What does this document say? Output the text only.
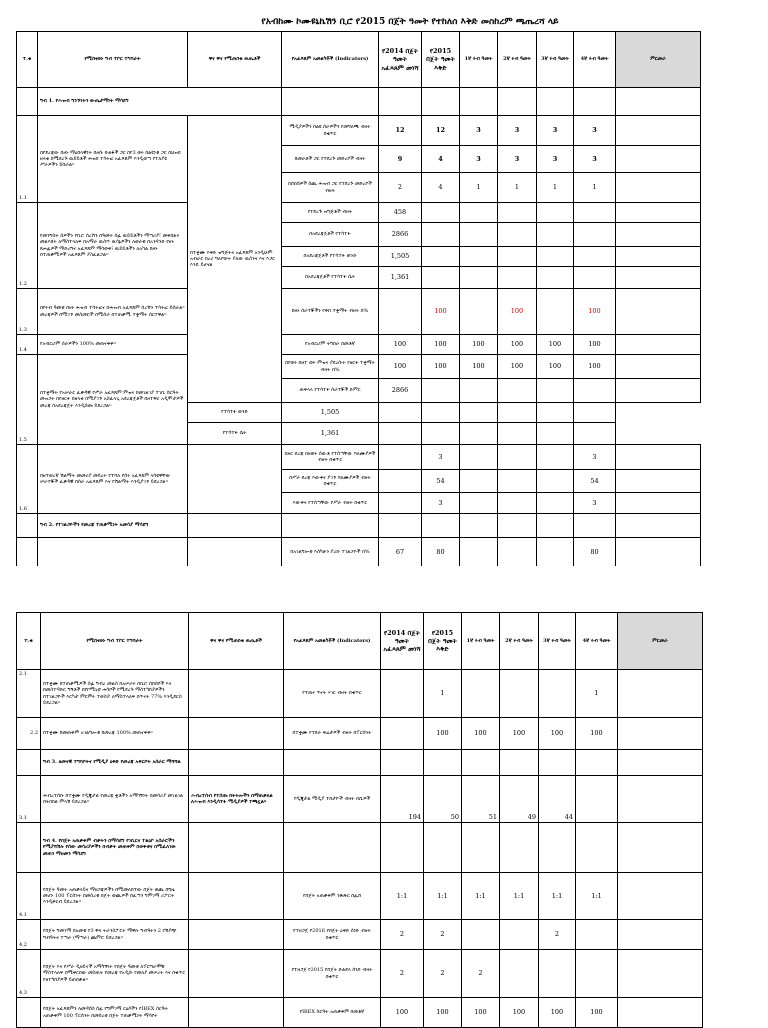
የአብከሙ ኮሙዩኒኬሽን ቢሮ የ2015 በጀት ዓመት የተከለሰ እቅድ መስከረም ጫጤረሻ ላይ
ተ.ቁ	የሚከናወኑ ግብ ተኮር ተግባራት	ዋና ዋና የሚጠበቁ ዉጤቶች	የአፈጻጸም አመልካቾች (Indicators)	የ2014 በጀት ዓመት አፈጻጸም መነሻ	የ2015 በጀት ዓመት እቅድ	1ኛ ሩብ ዓመት	2ኛ ሩብ ዓመት	3ኛ ሩብ ዓመት	4ኛ ሩብ ዓመት	ምርመራ
	ግብ 1. የሕዝብ ግንኙነትን ውጤታማነት ማሳደግ									
1.1	በየደረጃው በዞኑ ማዕከላዊነት በዞሱ ኩልፋች ጋር በየ3 ወሩ ከልዩነቱ ጋር በህዝበ ዘላቂ በሚደረጉ ዉይይቶች ሕዝበ ተሳትፎ አፈጻጸም እንዲወጣ የተለያዩ ሥራዎችን ይሰራል።	በተቋሙ እቅድ ዝግጅትና አፈጻጸም አንዲሁም አብራር በረሪ ግለቦቻት ያለው ዉስንና እና እጋር እንዴ ይሆናል	ሚዲያዎችን በልዩ ሰራዎችን የመግለጫ ብዛት በቁጥር	12	12	3	3	3	3	
			ከመራቶች ጋር የተደረጉ መድረኮች ብዛት	9	4	3	3	3	3	
			ከሰበሰዎች ሰጪ ሕዝብ ጋር የተደረጉ መድረኮች ብዛት	2	4	1	1	1	1	
1.2	የመንግስት ሰዎችን የቢሮ ሰረሽን በዓመት ሰፊ ዉይይቶችን ማጣሪያ፣ መቀበልና መልእክት ለማስተላለፍ በአማራ ዉስጥ ዉሳኔዎችን ለወራቱ በአንዳንድ የዞኑ ጸሐፊዎች ማድረግና አፈጻጸም ማሳወቅ፣ ዉይይቶችን ለአካል ከዞኑ በተጠቃሚዎች አፈጻጸም ያስፈልጋል።		የተደረጉ ዝግጅቶች ብዛት	458						
			በአደረጃጀቶች የተሳተፉ	2866						
			በአደረጃጀቶች የተሳተፉ ወንድ	1,505						
			በአደረጃጀቶች የተሳተፉ ሴት	1,361						
1.3	በየሩብ ዓመቱ በዞኑ ሕዝብ ተሳትፎና በሕዝብ አፈጻጸም ሰረሽን ተሳትፎ ይሰራል። መረጃዎች በሚገኙ መስመሮች በሚሰራ በተጠቃሚ ተቋማት ሰርተዋል።		ከዞኑ ሰራተኞችን የቀበ ተቋማት ብዛት በ%		100		100		100	
1.4	የአብርሆም ሰራዎችን 100% መጠናቀቅ።		የአብርሆም ትግበራ በመቶኛ	100	100	100	100	100	100	
1.5	በተቋማት የአሠራር ፈቃዳዊ የሥራ አፈጻጸም ምዝና በመገልገያ ተገቢ ሰርዓት መዝጋት በየዘርፉ በዘላቂ በሚያገኙ አስፈላጊ አደረጃጀቶች በዘተዋሪ አዲሞታዎች መረጃ በአደረጃጀት እንዲሰጡ ይደረጋል።		በየወሩ በዘተ ወሩ ምዝና ያደረሱት የዘርፉ ተቋማት ብዛት በ%	100	100	100	100	100	100	
			ጠቅላላ የተሳተፉ ሰራተኞች ድምር	2866						
		የተሳተፉ ወንድ	1,505							
		የተሳተፉ ሴት	1,361							
1.6	በዘተወረኛ ሽልማት መመሪያ መሰረት የተሻለ የሰሩ አፈጻጸም ላሳዩዋቸው ሠራተኞች ፈቃዳዊ በሰራ አፈጻጸም እና የሽልማት እንዲያገኙ ይደረጋል።		በዞር ደረጃ በዛወሩ ሰውቶ የተሰጣቸው ባለሙያዎች ብዛት በቁጥር		3				3	
			በሥራ ደረጃ እውቅና ያገኙ ባለሙያዎች ብዛት በቁጥር		54				54	
			እውቅና የተሰጣቸው የሥራ ብዛት በቁጥር		3				3	
	ግብ 2. የተገልጋዮችን የመረጃ ተጠቃሚነት አመሳያ ማሳደግ									
			በአገልግሎቱ እስካሁን ያረኩ ተገልጋዮች በ%	67	80				80	
ተ.ቁ	የሚከናወኑ ግብ ተኮር ተግባራት	ዋና ዋና የሚጠበቁ ዉጤቶች	የአፈጻጸም አመልካቾች (Indicators)	የ2014 በጀት ዓመት አፈጻጸም መነሻ	የ2015 በጀት ዓመት እቅድ	1ኛ ሩብ ዓመት	2ኛ ሩብ ዓመት	3ኛ ሩብ ዓመት	4ኛ ሩብ ዓመት	ምርመራ
2.1	በተቋሙ ከተጠቃሚዎች ሰፊ ግብረ መልስ በአሠራሩ በቢሮ ሰበሰቦች እና ከመስተዳድር ግኝቶች በየኮሚኒቲ ሐሳቦች የሚደረጉ ማስተካከያዎችን በተገልጋዮች እርካታ ምርምሩ ተወስዶ ለማስተላለፍ በጥናት 77% እንዲደርስ ይደረጋል።		የተጠና ጥናት ሃገር ብዛት በቁጥር		1				1	
2.2	በተቋሙ ከመጠቀም አገልግሎቱ ከመረጃ 100% መጠናቀቅ።		በተቋሙ የተደራ ቅሬታዎች ብዛት በፐርሰንት		100	100	100	100	100	
	ግብ 3. ዘመናዊ ተግባቦትና የሚዲያ ዕቅድ የመረጃ አቅርቦት አሰራር ማሻሻል									
3.1	ሕብረተሰቡ በተቋሙ የዲጂታል የመረጃ ቋቶችን አማካኝነት በመሳሪያ መገልገል በትክክል ምላሽ ይደረጋል።	ሕብረተሰብ የተሰጡ ክትትሎችን በማጠቃለል ለሕዝብ እንዲሳተፉ ሚዲያዎች ተጫኗል።	የዲጂታል ሚዲያ ተከታዮች ብዛት በሺዎች	194	50	51	49	44		
	ግብ 4. የበጀት አጠቃቀም ብቃትን በማሳደግ የገቢርና ተልዕኮ አሰራሮችን የሚያሻሽሉ የሰው መሳሪያዎችን በብቃት መጠቀም በወቅቱና በሚፈለገው መጠን ማዘመን ማሳደግ									
4.1	የበጀት ዓመት አጠቃላይና ማዘጋጃዎችን በሚመለከተው በጀት ወጪ በግዜ መሆኑ 100 ፐርሰንት በመሰረቱ በጀት ወጪዎች በፈጣን ግምገማ ሪፖርት እንዲቀርብ ይደረጋል።		የበጀት አጠቃቀም ንጽጽር በፊሸ	1:1	1:1	1:1	1:1	1:1	1:1	
4.2	የበጀት ግመገማ በአመቱ የ3 ዋና ትራንስፖርት ማዋሉ ግብዓትን 2 የሽያጭ ግብዓትና ተጣራ (ማጣራ) ጨምሮ ይደረጋል።		የተዘጋጀ የ2016 የበጀት ዕቅድ ሰነድ ብዛት በቁጥር	2	2			2		
4.3	የበጀት እና የሥራ ዲዛይኖች አማካኝነት የበጀት ዓመቱ ለፕሮግራሞቹ ማስተላለፍ በሚቀርበው መስጠት የመረጃ የአዲሱ የመለያ መሠረት እና በቁጥር የዘተካከያዎች ይጠበቃል።		የተዘጋጀ የ2015 የበጀት ድልደላ ሰነድ ብዛት በቁጥር	2	2	2				
	የበጀት አፈጻጸምን ለመዳሰስ ሰፊ የግምገማ ርዕሶችን የIBEX ስርዓት አጠቃቀም 100 ፐርሰንት በመሰረቱ በጀት ተጠቃሚነት ማሳየት		የIBEX ስርዓት አጠቃቀም በመቶኛ	100	100	100	100	100	100	
